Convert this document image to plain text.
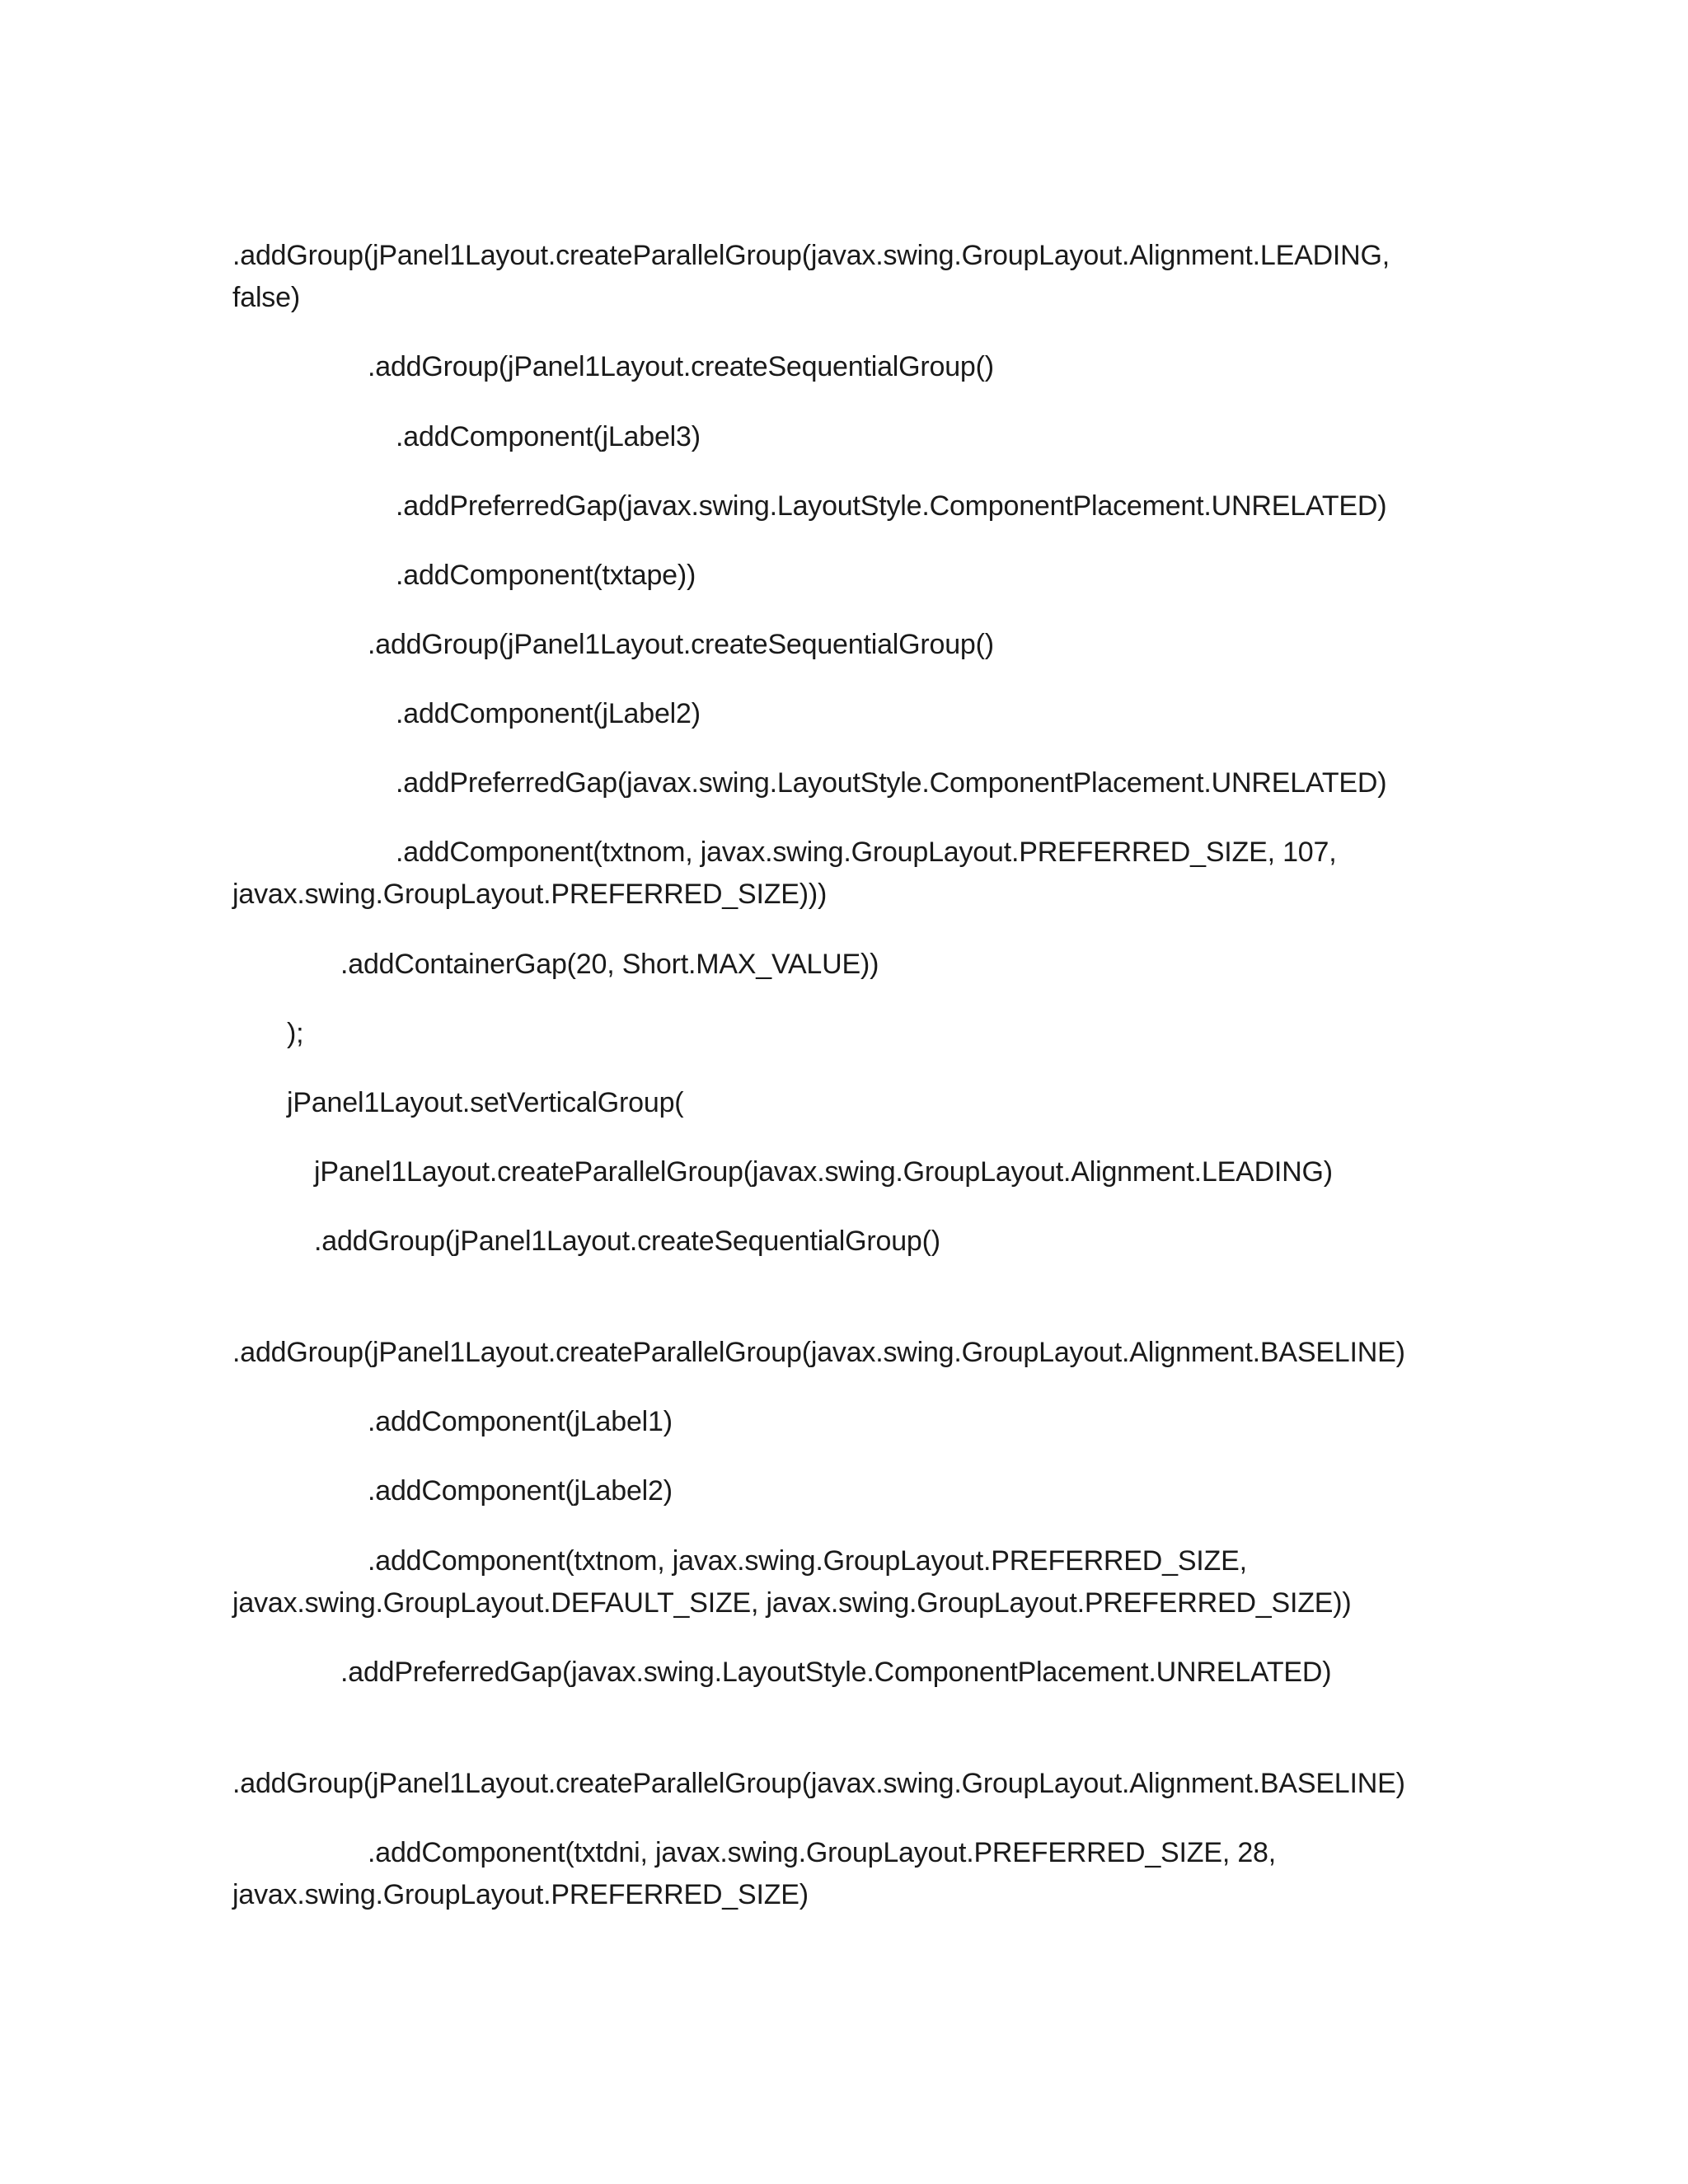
.addGroup(jPanel1Layout.createParallelGroup(javax.swing.GroupLayout.Alignment.LEADING,

false)

.addGroup(jPanel1Layout.createSequentialGroup()

.addComponent(jLabel3)

.addPreferredGap(javax.swing.LayoutStyle.ComponentPlacement.UNRELATED)

.addComponent(txtape))

.addGroup(jPanel1Layout.createSequentialGroup()

.addComponent(jLabel2)

.addPreferredGap(javax.swing.LayoutStyle.ComponentPlacement.UNRELATED)

.addComponent(txtnom, javax.swing.GroupLayout.PREFERRED_SIZE, 107,

javax.swing.GroupLayout.PREFERRED_SIZE)))

.addContainerGap(20, Short.MAX_VALUE))

);

jPanel1Layout.setVerticalGroup(

jPanel1Layout.createParallelGroup(javax.swing.GroupLayout.Alignment.LEADING)

.addGroup(jPanel1Layout.createSequentialGroup()

.addGroup(jPanel1Layout.createParallelGroup(javax.swing.GroupLayout.Alignment.BASELINE)

.addComponent(jLabel1)

.addComponent(jLabel2)

.addComponent(txtnom, javax.swing.GroupLayout.PREFERRED_SIZE,

javax.swing.GroupLayout.DEFAULT_SIZE, javax.swing.GroupLayout.PREFERRED_SIZE))

.addPreferredGap(javax.swing.LayoutStyle.ComponentPlacement.UNRELATED)

.addGroup(jPanel1Layout.createParallelGroup(javax.swing.GroupLayout.Alignment.BASELINE)

.addComponent(txtdni, javax.swing.GroupLayout.PREFERRED_SIZE, 28,

javax.swing.GroupLayout.PREFERRED_SIZE)
